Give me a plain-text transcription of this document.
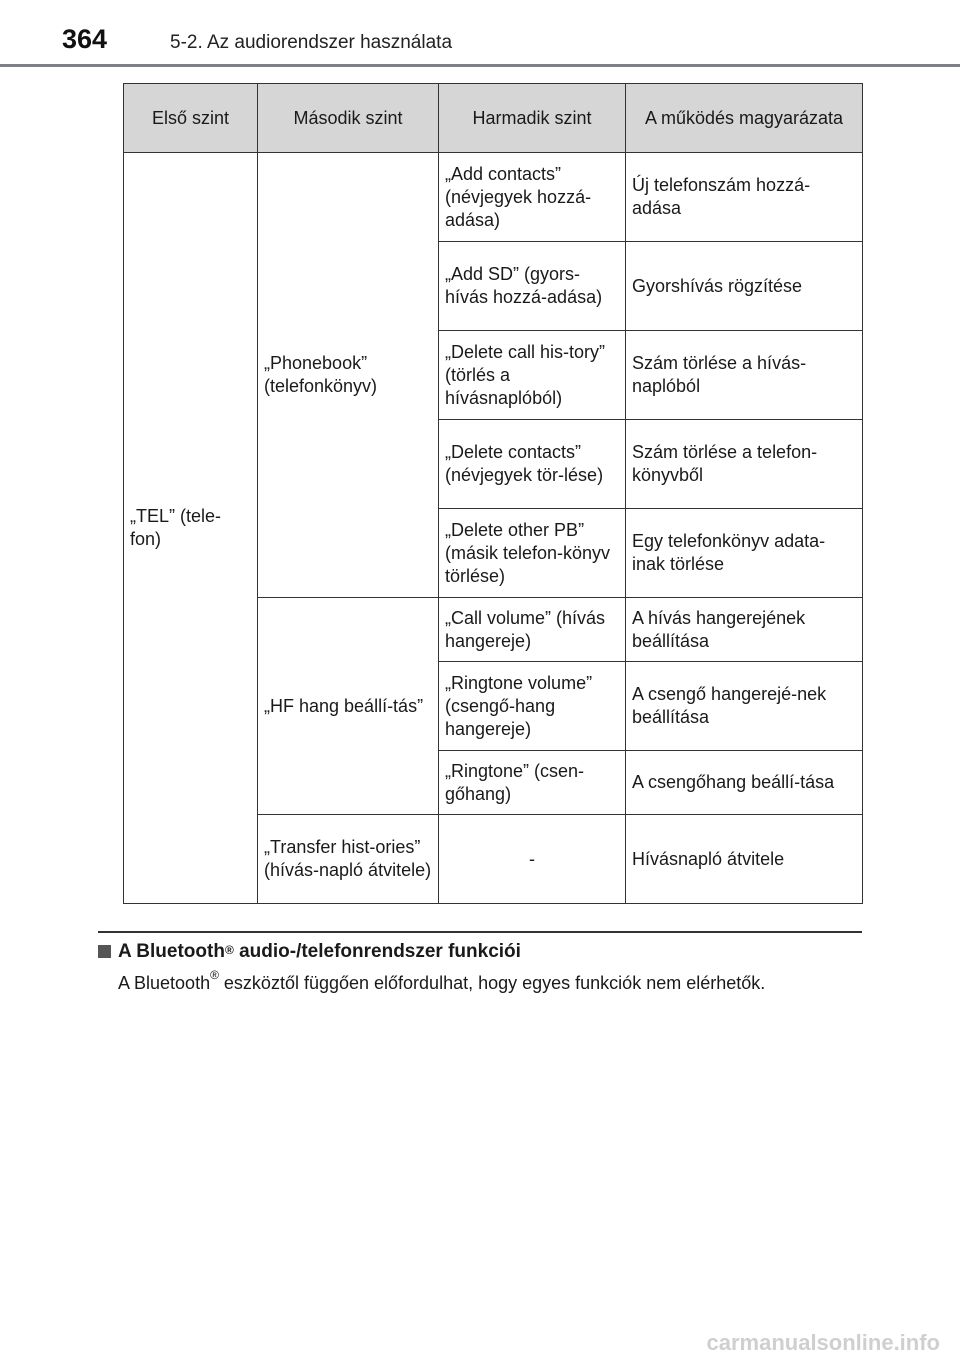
364	5-2. Az audiorendszer használata
Első szint	Második szint	Harmadik szint	A működés magyarázata
„TEL” (tele-fon)	„Phonebook” (telefonkönyv)	„Add contacts” (névjegyek hozzá-adása)	Új telefonszám hozzá-adása
		„Add SD” (gyors-hívás hozzá-adása)	Gyorshívás rögzítése
		„Delete call his-tory” (törlés a hívásnaplóból)	Szám törlése a hívás-naplóból
		„Delete contacts” (névjegyek tör-lése)	Szám törlése a telefon-könyvből
		„Delete other PB” (másik telefon-könyv törlése)	Egy telefonkönyv adata-inak törlése
	„HF hang beállí-tás”	„Call volume” (hívás hangereje)	A hívás hangerejének beállítása
		„Ringtone volume” (csengő-hang hangereje)	A csengő hangerejé-nek beállítása
		„Ringtone” (csen-gőhang)	A csengőhang beállí-tása
	„Transfer hist-ories” (hívás-napló átvitele)	-	Hívásnapló átvitele
A Bluetooth® audio-/telefonrendszer funkciói
A Bluetooth® eszköztől függően előfordulhat, hogy egyes funkciók nem elérhetők.
carmanualsonline.info
